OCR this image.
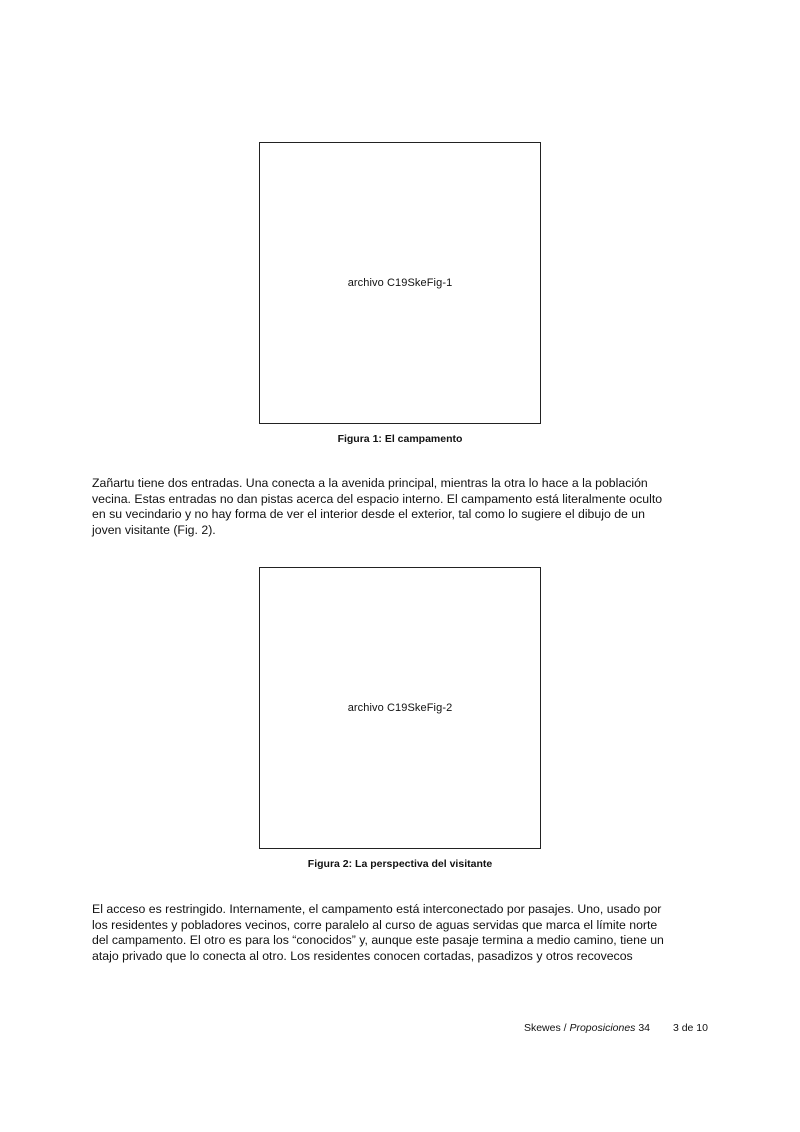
archivo C19SkeFig-1
Figura 1: El campamento

Zañartu tiene dos entradas. Una conecta a la avenida principal, mientras la otra lo hace a la población
vecina. Estas entradas no dan pistas acerca del espacio interno. El campamento está literalmente oculto
en su vecindario y no hay forma de ver el interior desde el exterior, tal como lo sugiere el dibujo de un
joven visitante (Fig. 2).

archivo C19SkeFig-2
Figura 2: La perspectiva del visitante

El acceso es restringido. Internamente, el campamento está interconectado por pasajes. Uno, usado por
los residentes y pobladores vecinos, corre paralelo al curso de aguas servidas que marca el límite norte
del campamento. El otro es para los “conocidos” y, aunque este pasaje termina a medio camino, tiene un
atajo privado que lo conecta al otro. Los residentes conocen cortadas, pasadizos y otros recovecos

Skewes / Proposiciones 34 3 de 10
